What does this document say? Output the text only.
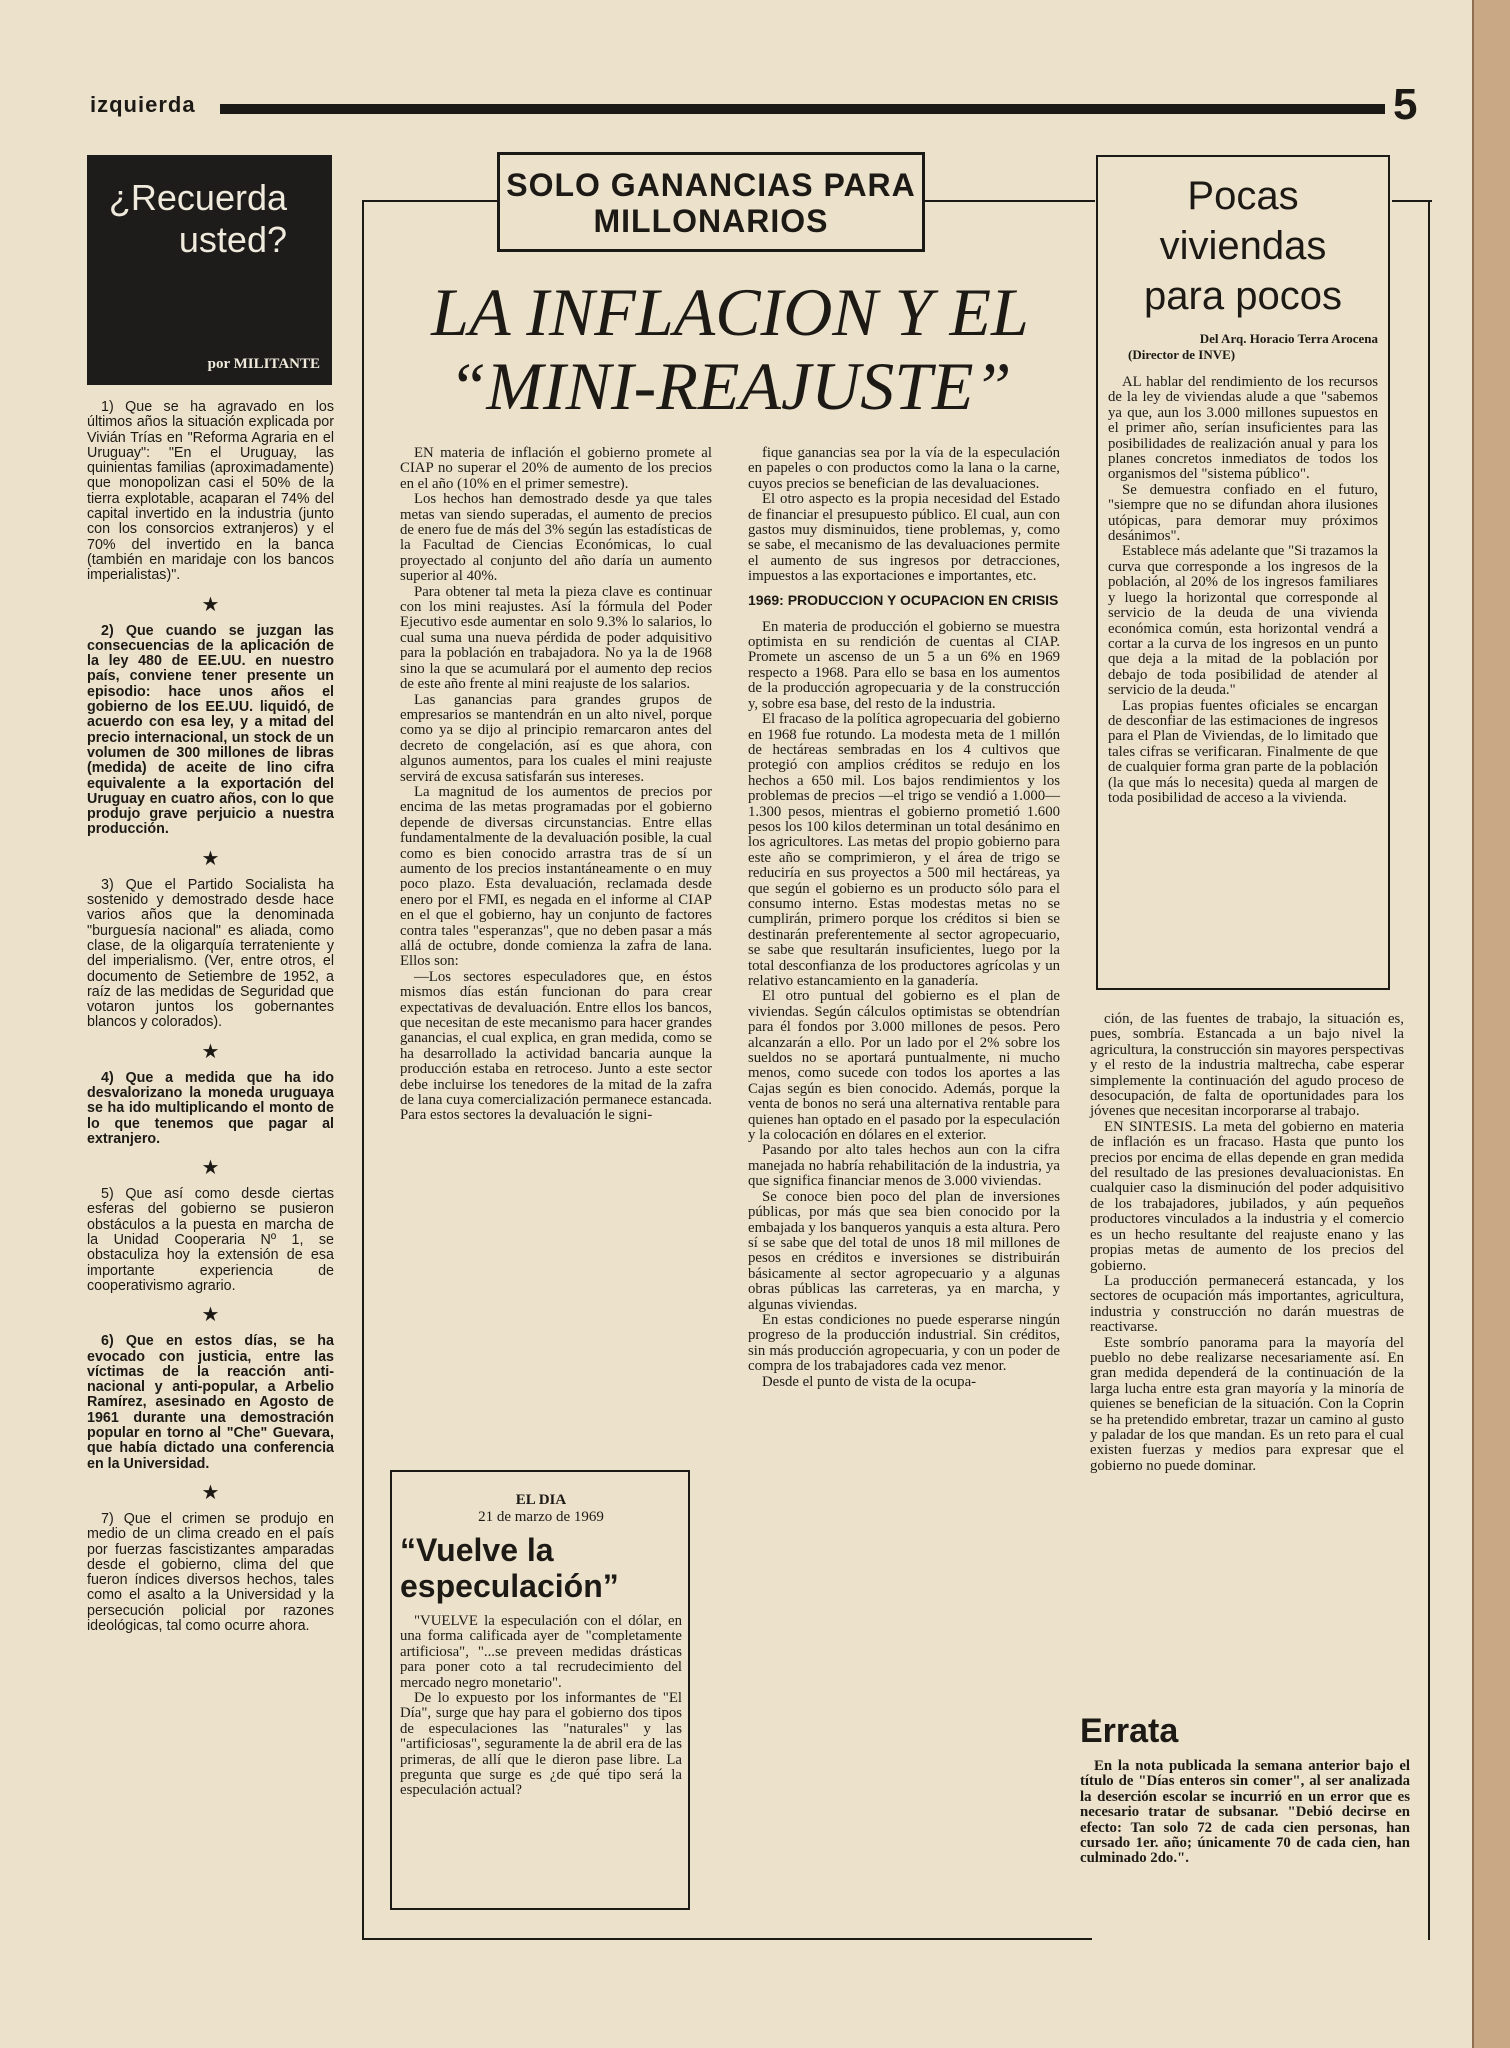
izquierda	5
¿Recuerda
usted?
por MILITANTE

1) Que se ha agravado en los últimos años la situación explicada por Vivián Trías en "Reforma Agraria en el Uruguay": "En el Uruguay, las quinientas familias (aproximadamente) que monopolizan casi el 50% de la tierra explotable, acaparan el 74% del capital invertido en la industria (junto con los consorcios extranjeros) y el 70% del invertido en la banca (también en maridaje con los bancos imperialistas)".

★

2) Que cuando se juzgan las consecuencias de la aplicación de la ley 480 de EE.UU. en nuestro país, conviene tener presente un episodio: hace unos años el gobierno de los EE.UU. liquidó, de acuerdo con esa ley, y a mitad del precio internacional, un stock de un volumen de 300 millones de libras (medida) de aceite de lino cifra equivalente a la exportación del Uruguay en cuatro años, con lo que produjo grave perjuicio a nuestra producción.

★

3) Que el Partido Socialista ha sostenido y demostrado desde hace varios años que la denominada "burguesía nacional" es aliada, como clase, de la oligarquía terrateniente y del imperialismo. (Ver, entre otros, el documento de Setiembre de 1952, a raíz de las medidas de Seguridad que votaron juntos los gobernantes blancos y colorados).

★

4) Que a medida que ha ido desvalorizano la moneda uruguaya se ha ido multiplicando el monto de lo que tenemos que pagar al extranjero.

★

5) Que así como desde ciertas esferas del gobierno se pusieron obstáculos a la puesta en marcha de la Unidad Cooperaria Nº 1, se obstaculiza hoy la extensión de esa importante experiencia de cooperativismo agrario.

★

6) Que en estos días, se ha evocado con justicia, entre las víctimas de la reacción anti-nacional y anti-popular, a Arbelio Ramírez, asesinado en Agosto de 1961 durante una demostración popular en torno al "Che" Guevara, que había dictado una conferencia en la Universidad.

★

7) Que el crimen se produjo en medio de un clima creado en el país por fuerzas fascistizantes amparadas desde el gobierno, clima del que fueron índices diversos hechos, tales como el asalto a la Universidad y la persecución policial por razones ideológicas, tal como ocurre ahora.

SOLO GANANCIAS PARA MILLONARIOS
LA INFLACION Y EL
“MINI-REAJUSTE”

EN materia de inflación el gobierno promete al CIAP no superar el 20% de aumento de los precios en el año (10% en el primer semestre).

Los hechos han demostrado desde ya que tales metas van siendo superadas, el aumento de precios de enero fue de más del 3% según las estadísticas de la Facultad de Ciencias Económicas, lo cual proyectado al conjunto del año daría un aumento superior al 40%.

Para obtener tal meta la pieza clave es continuar con los mini reajustes. Así la fórmula del Poder Ejecutivo esde aumentar en solo 9.3% lo salarios, lo cual suma una nueva pérdida de poder adquisitivo para la población en trabajadora. No ya la de 1968 sino la que se acumulará por el aumento dep recios de este año frente al mini reajuste de los salarios.

Las ganancias para grandes grupos de empresarios se mantendrán en un alto nivel, porque como ya se dijo al principio remarcaron antes del decreto de congelación, así es que ahora, con algunos aumentos, para los cuales el mini reajuste servirá de excusa satisfarán sus intereses.

La magnitud de los aumentos de precios por encima de las metas programadas por el gobierno depende de diversas circunstancias. Entre ellas fundamentalmente de la devaluación posible, la cual como es bien conocido arrastra tras de sí un aumento de los precios instantáneamente o en muy poco plazo. Esta devaluación, reclamada desde enero por el FMI, es negada en el informe al CIAP en el que el gobierno, hay un conjunto de factores contra tales "esperanzas", que no deben pasar a más allá de octubre, donde comienza la zafra de lana. Ellos son:

—Los sectores especuladores que, en éstos mismos días están funcionan do para crear expectativas de devaluación. Entre ellos los bancos, que necesitan de este mecanismo para hacer grandes ganancias, el cual explica, en gran medida, como se ha desarrollado la actividad bancaria aunque la producción estaba en retroceso. Junto a este sector debe incluirse los tenedores de la mitad de la zafra de lana cuya comercialización permanece estancada. Para estos sectores la devaluación le signi-

EL DIA
21 de marzo de 1969
“Vuelve la
especulación”

"VUELVE la especulación con el dólar, en una forma calificada ayer de "completamente artificiosa", "...se preveen medidas drásticas para poner coto a tal recrudecimiento del mercado negro monetario".

De lo expuesto por los informantes de "El Día", surge que hay para el gobierno dos tipos de especulaciones las "naturales" y las "artificiosas", seguramente la de abril era de las primeras, de allí que le dieron pase libre. La pregunta que surge es ¿de qué tipo será la especulación actual?

fique ganancias sea por la vía de la especulación en papeles o con productos como la lana o la carne, cuyos precios se benefician de las devaluaciones.

El otro aspecto es la propia necesidad del Estado de financiar el presupuesto público. El cual, aun con gastos muy disminuidos, tiene problemas, y, como se sabe, el mecanismo de las devaluaciones permite el aumento de sus ingresos por detracciones, impuestos a las exportaciones e importantes, etc.

1969: PRODUCCION Y OCUPACION EN CRISIS

En materia de producción el gobierno se muestra optimista en su rendición de cuentas al CIAP. Promete un ascenso de un 5 a un 6% en 1969 respecto a 1968. Para ello se basa en los aumentos de la producción agropecuaria y de la construcción y, sobre esa base, del resto de la industria.

El fracaso de la política agropecuaria del gobierno en 1968 fue rotundo. La modesta meta de 1 millón de hectáreas sembradas en los 4 cultivos que protegió con amplios créditos se redujo en los hechos a 650 mil. Los bajos rendimientos y los problemas de precios —el trigo se vendió a 1.000— 1.300 pesos, mientras el gobierno prometió 1.600 pesos los 100 kilos determinan un total desánimo en los agricultores. Las metas del propio gobierno para este año se comprimieron, y el área de trigo se reduciría en sus proyectos a 500 mil hectáreas, ya que según el gobierno es un producto sólo para el consumo interno. Estas modestas metas no se cumplirán, primero porque los créditos si bien se destinarán preferentemente al sector agropecuario, se sabe que resultarán insuficientes, luego por la total desconfianza de los productores agrícolas y un relativo estancamiento en la ganadería.

El otro puntual del gobierno es el plan de viviendas. Según cálculos optimistas se obtendrían para él fondos por 3.000 millones de pesos. Pero alcanzarán a ello. Por un lado por el 2% sobre los sueldos no se aportará puntualmente, ni mucho menos, como sucede con todos los aportes a las Cajas según es bien conocido. Además, porque la venta de bonos no será una alternativa rentable para quienes han optado en el pasado por la especulación y la colocación en dólares en el exterior.

Pasando por alto tales hechos aun con la cifra manejada no habría rehabilitación de la industria, ya que significa financiar menos de 3.000 viviendas.

Se conoce bien poco del plan de inversiones públicas, por más que sea bien conocido por la embajada y los banqueros yanquis a esta altura. Pero sí se sabe que del total de unos 18 mil millones de pesos en créditos e inversiones se distribuirán básicamente al sector agropecuario y a algunas obras públicas las carreteras, ya en marcha, y algunas viviendas.

En estas condiciones no puede esperarse ningún progreso de la producción industrial. Sin créditos, sin más producción agropecuaria, y con un poder de compra de los trabajadores cada vez menor.

Desde el punto de vista de la ocupa-

Pocas viviendas
para pocos
Del Arq. Horacio Terra Arocena
(Director de INVE)

AL hablar del rendimiento de los recursos de la ley de viviendas alude a que "sabemos ya que, aun los 3.000 millones supuestos en el primer año, serían insuficientes para las posibilidades de realización anual y para los planes concretos inmediatos de todos los organismos del "sistema público".

Se demuestra confiado en el futuro, "siempre que no se difundan ahora ilusiones utópicas, para demorar muy próximos desánimos".

Establece más adelante que "Si trazamos la curva que corresponde a los ingresos de la población, al 20% de los ingresos familiares y luego la horizontal que corresponde al servicio de la deuda de una vivienda económica común, esta horizontal vendrá a cortar a la curva de los ingresos en un punto que deja a la mitad de la población por debajo de toda posibilidad de atender al servicio de la deuda."

Las propias fuentes oficiales se encargan de desconfiar de las estimaciones de ingresos para el Plan de Viviendas, de lo limitado que tales cifras se verificaran. Finalmente de que de cualquier forma gran parte de la población (la que más lo necesita) queda al margen de toda posibilidad de acceso a la vivienda.

ción, de las fuentes de trabajo, la situación es, pues, sombría. Estancada a un bajo nivel la agricultura, la construcción sin mayores perspectivas y el resto de la industria maltrecha, cabe esperar simplemente la continuación del agudo proceso de desocupación, de falta de oportunidades para los jóvenes que necesitan incorporarse al trabajo.

EN SINTESIS. La meta del gobierno en materia de inflación es un fracaso. Hasta que punto los precios por encima de ellas depende en gran medida del resultado de las presiones devaluacionistas. En cualquier caso la disminución del poder adquisitivo de los trabajadores, jubilados, y aún pequeños productores vinculados a la industria y el comercio es un hecho resultante del reajuste enano y las propias metas de aumento de los precios del gobierno.

La producción permanecerá estancada, y los sectores de ocupación más importantes, agricultura, industria y construcción no darán muestras de reactivarse.

Este sombrío panorama para la mayoría del pueblo no debe realizarse necesariamente así. En gran medida dependerá de la continuación de la larga lucha entre esta gran mayoría y la minoría de quienes se benefician de la situación. Con la Coprin se ha pretendido embretar, trazar un camino al gusto y paladar de los que mandan. Es un reto para el cual existen fuerzas y medios para expresar que el gobierno no puede dominar.

Errata

En la nota publicada la semana anterior bajo el título de "Días enteros sin comer", al ser analizada la deserción escolar se incurrió en un error que es necesario tratar de subsanar. "Debió decirse en efecto: Tan solo 72 de cada cien personas, han cursado 1er. año; únicamente 70 de cada cien, han culminado 2do.".
